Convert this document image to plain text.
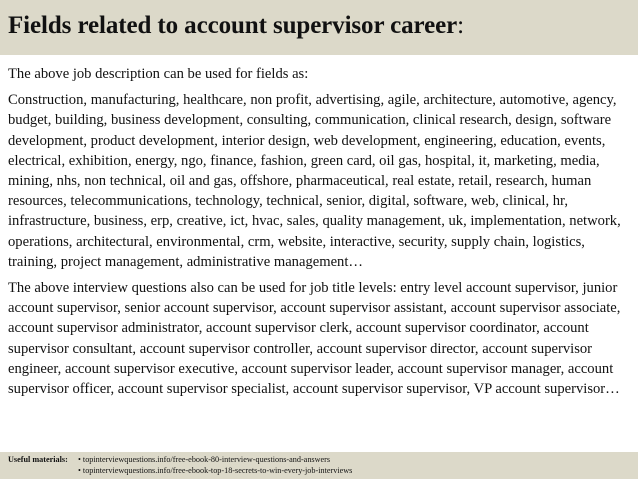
Fields related to account supervisor career:

The above job description can be used for fields as:

Construction, manufacturing, healthcare, non profit, advertising, agile, architecture, automotive, agency, budget, building, business development, consulting, communication, clinical research, design, software development, product development, interior design, web development, engineering, education, events, electrical, exhibition, energy, ngo, finance, fashion, green card, oil gas, hospital, it, marketing, media, mining, nhs, non technical, oil and gas, offshore, pharmaceutical, real estate, retail, research, human resources, telecommunications, technology, technical, senior, digital, software, web, clinical, hr, infrastructure, business, erp, creative, ict, hvac, sales, quality management, uk, implementation, network, operations, architectural, environmental, crm, website, interactive, security, supply chain, logistics, training, project management, administrative management…

The above interview questions also can be used for job title levels: entry level account supervisor, junior account supervisor, senior account supervisor, account supervisor assistant, account supervisor associate, account supervisor administrator, account supervisor clerk, account supervisor coordinator, account supervisor consultant, account supervisor controller, account supervisor director, account supervisor engineer, account supervisor executive, account supervisor leader, account supervisor manager, account supervisor officer, account supervisor specialist, account supervisor supervisor, VP account supervisor…

Useful materials: • topinterviewquestions.info/free-ebook-80-interview-questions-and-answers
• topinterviewquestions.info/free-ebook-top-18-secrets-to-win-every-job-interviews
